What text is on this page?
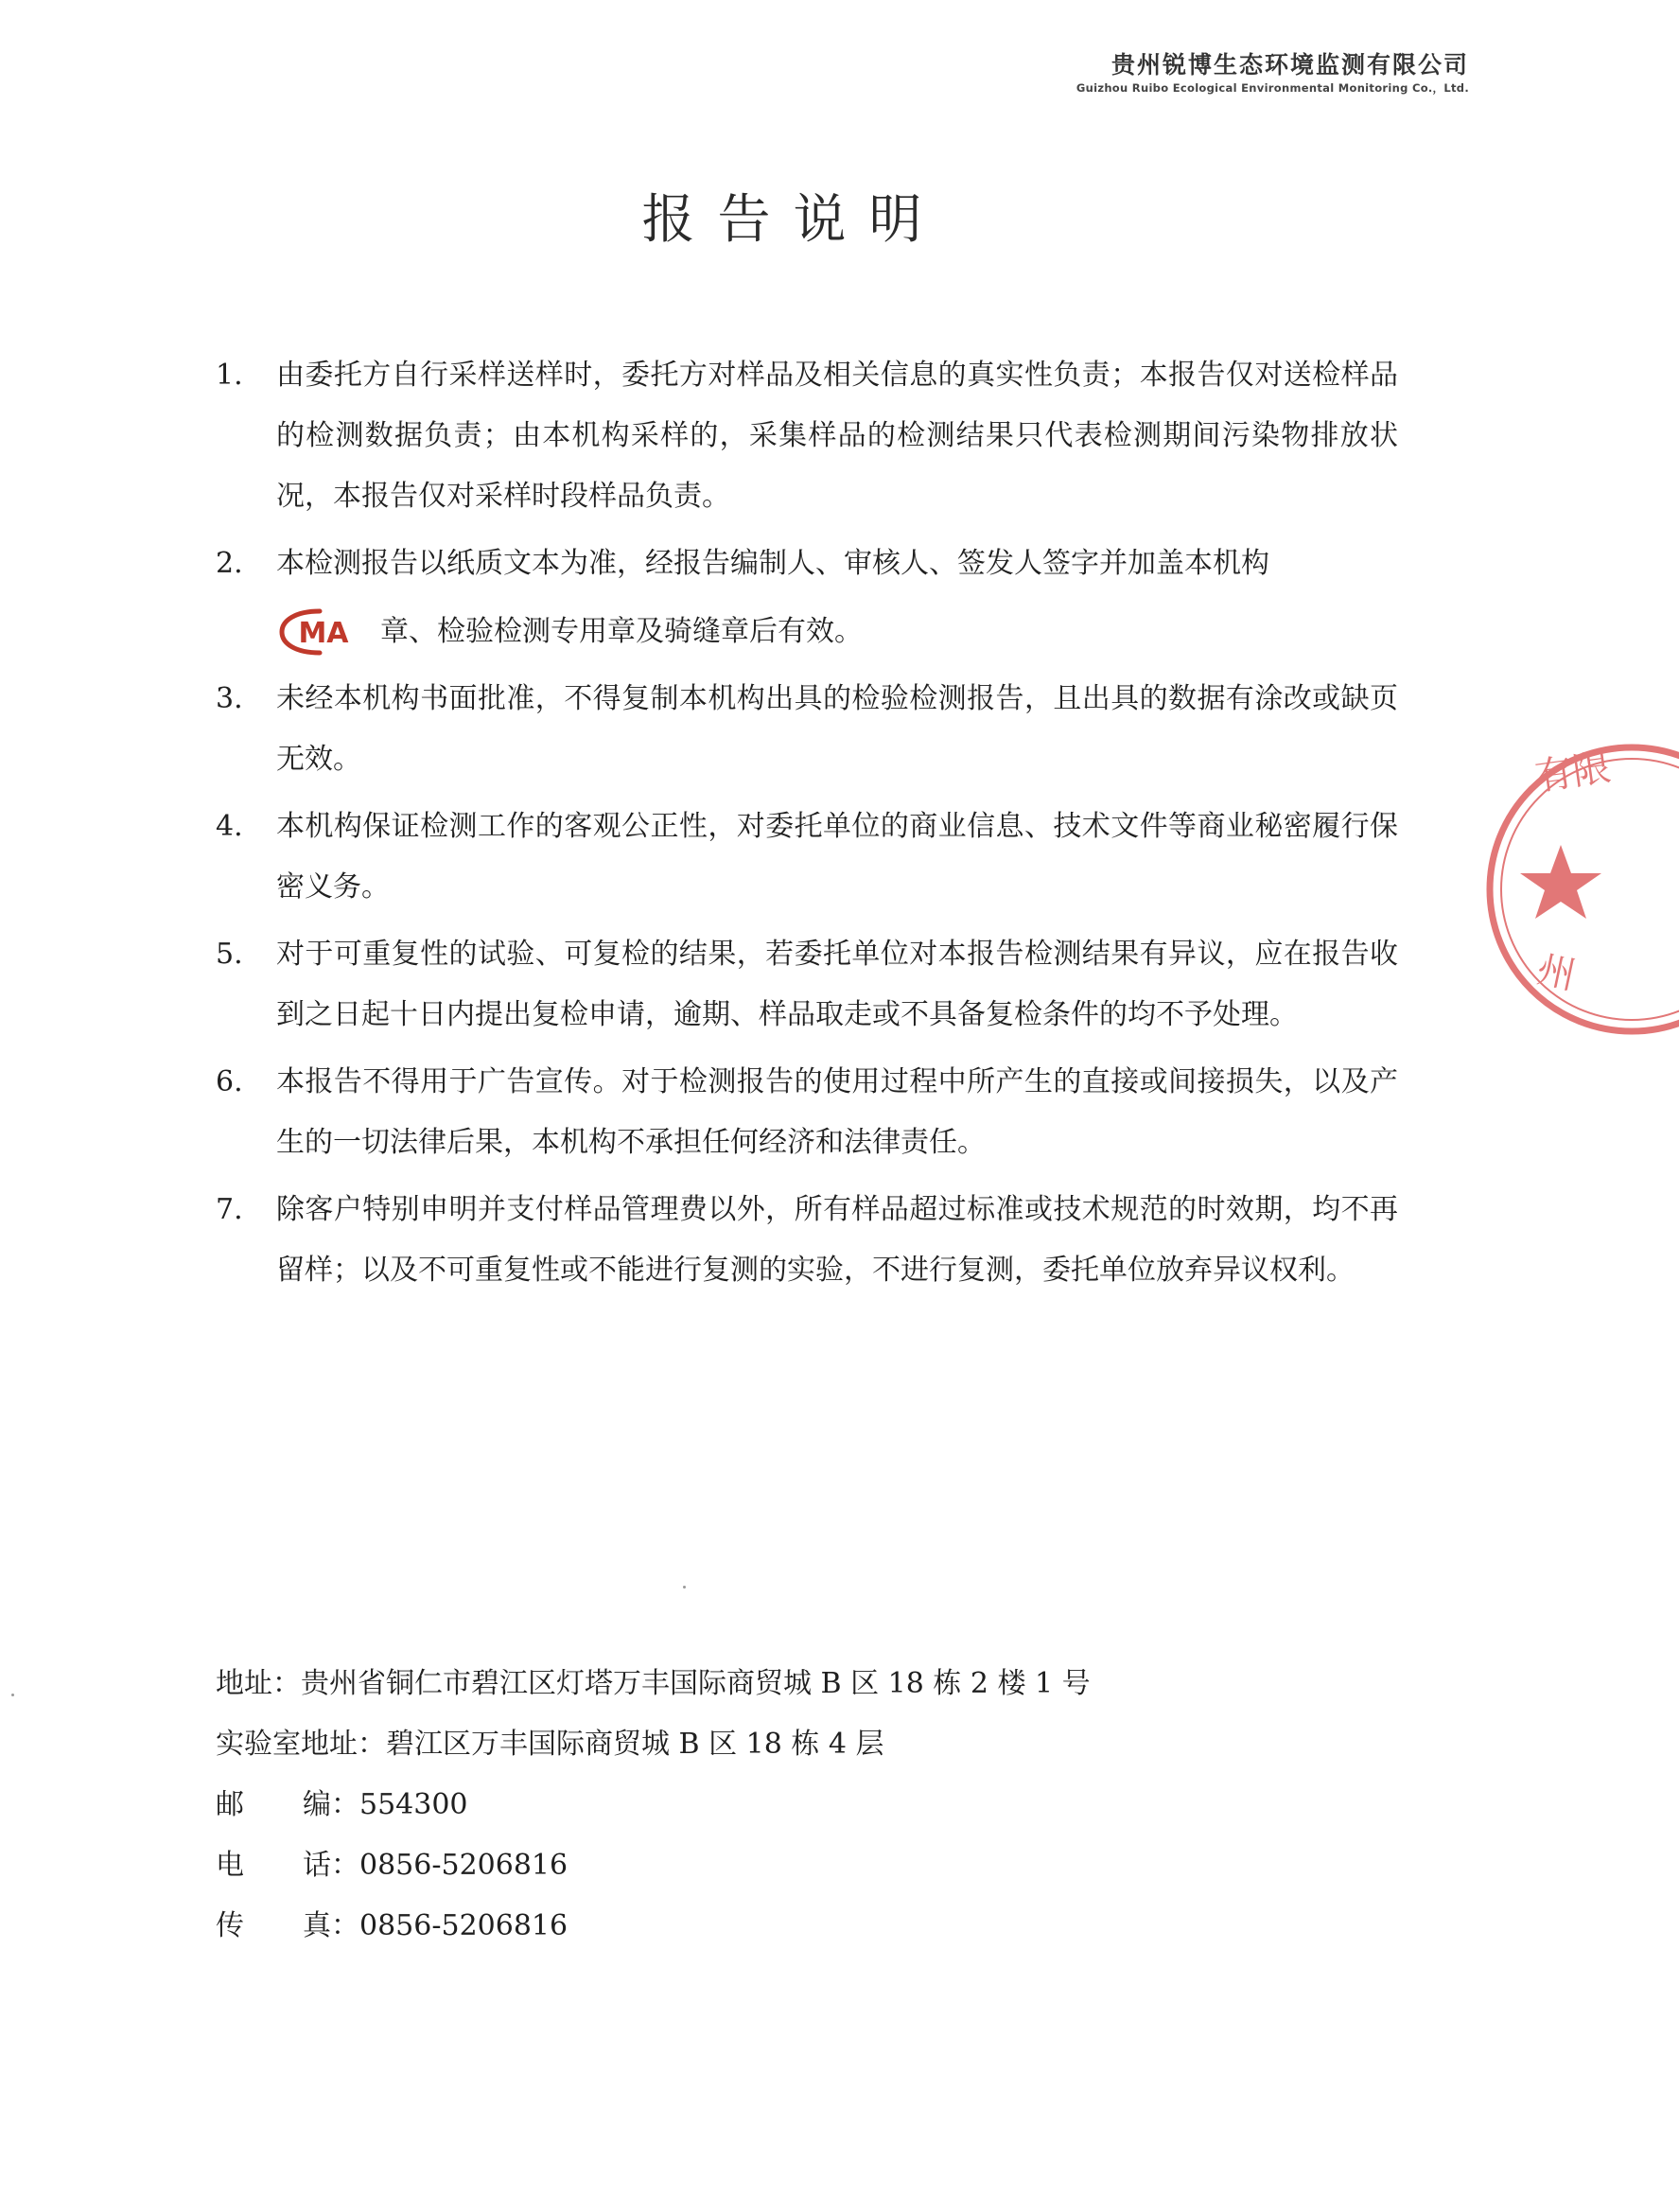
贵州锐博生态环境监测有限公司
Guizhou Ruibo Ecological Environmental Monitoring Co.，Ltd.
报告说明
1.	由委托方自行采样送样时，委托方对样品及相关信息的真实性负责；本报告仅对送检样品的检测数据负责；由本机构采样的，采集样品的检测结果只代表检测期间污染物排放状况，本报告仅对采样时段样品负责。
2.	本检测报告以纸质文本为准，经报告编制人、审核人、签发人签字并加盖本机构
MA 章、检验检测专用章及骑缝章后有效。
3.	未经本机构书面批准，不得复制本机构出具的检验检测报告，且出具的数据有涂改或缺页无效。
4.	本机构保证检测工作的客观公正性，对委托单位的商业信息、技术文件等商业秘密履行保密义务。
5.	对于可重复性的试验、可复检的结果，若委托单位对本报告检测结果有异议，应在报告收到之日起十日内提出复检申请，逾期、样品取走或不具备复检条件的均不予处理。
6.	本报告不得用于广告宣传。对于检测报告的使用过程中所产生的直接或间接损失，以及产生的一切法律后果，本机构不承担任何经济和法律责任。
7.	除客户特别申明并支付样品管理费以外，所有样品超过标准或技术规范的时效期，均不再留样；以及不可重复性或不能进行复测的实验，不进行复测，委托单位放弃异议权利。
有限
州
地址：贵州省铜仁市碧江区灯塔万丰国际商贸城 B 区 18 栋 2 楼 1 号
实验室地址：碧江区万丰国际商贸城 B 区 18 栋 4 层
邮编：554300
电话：0856-5206816
传真：0856-5206816
